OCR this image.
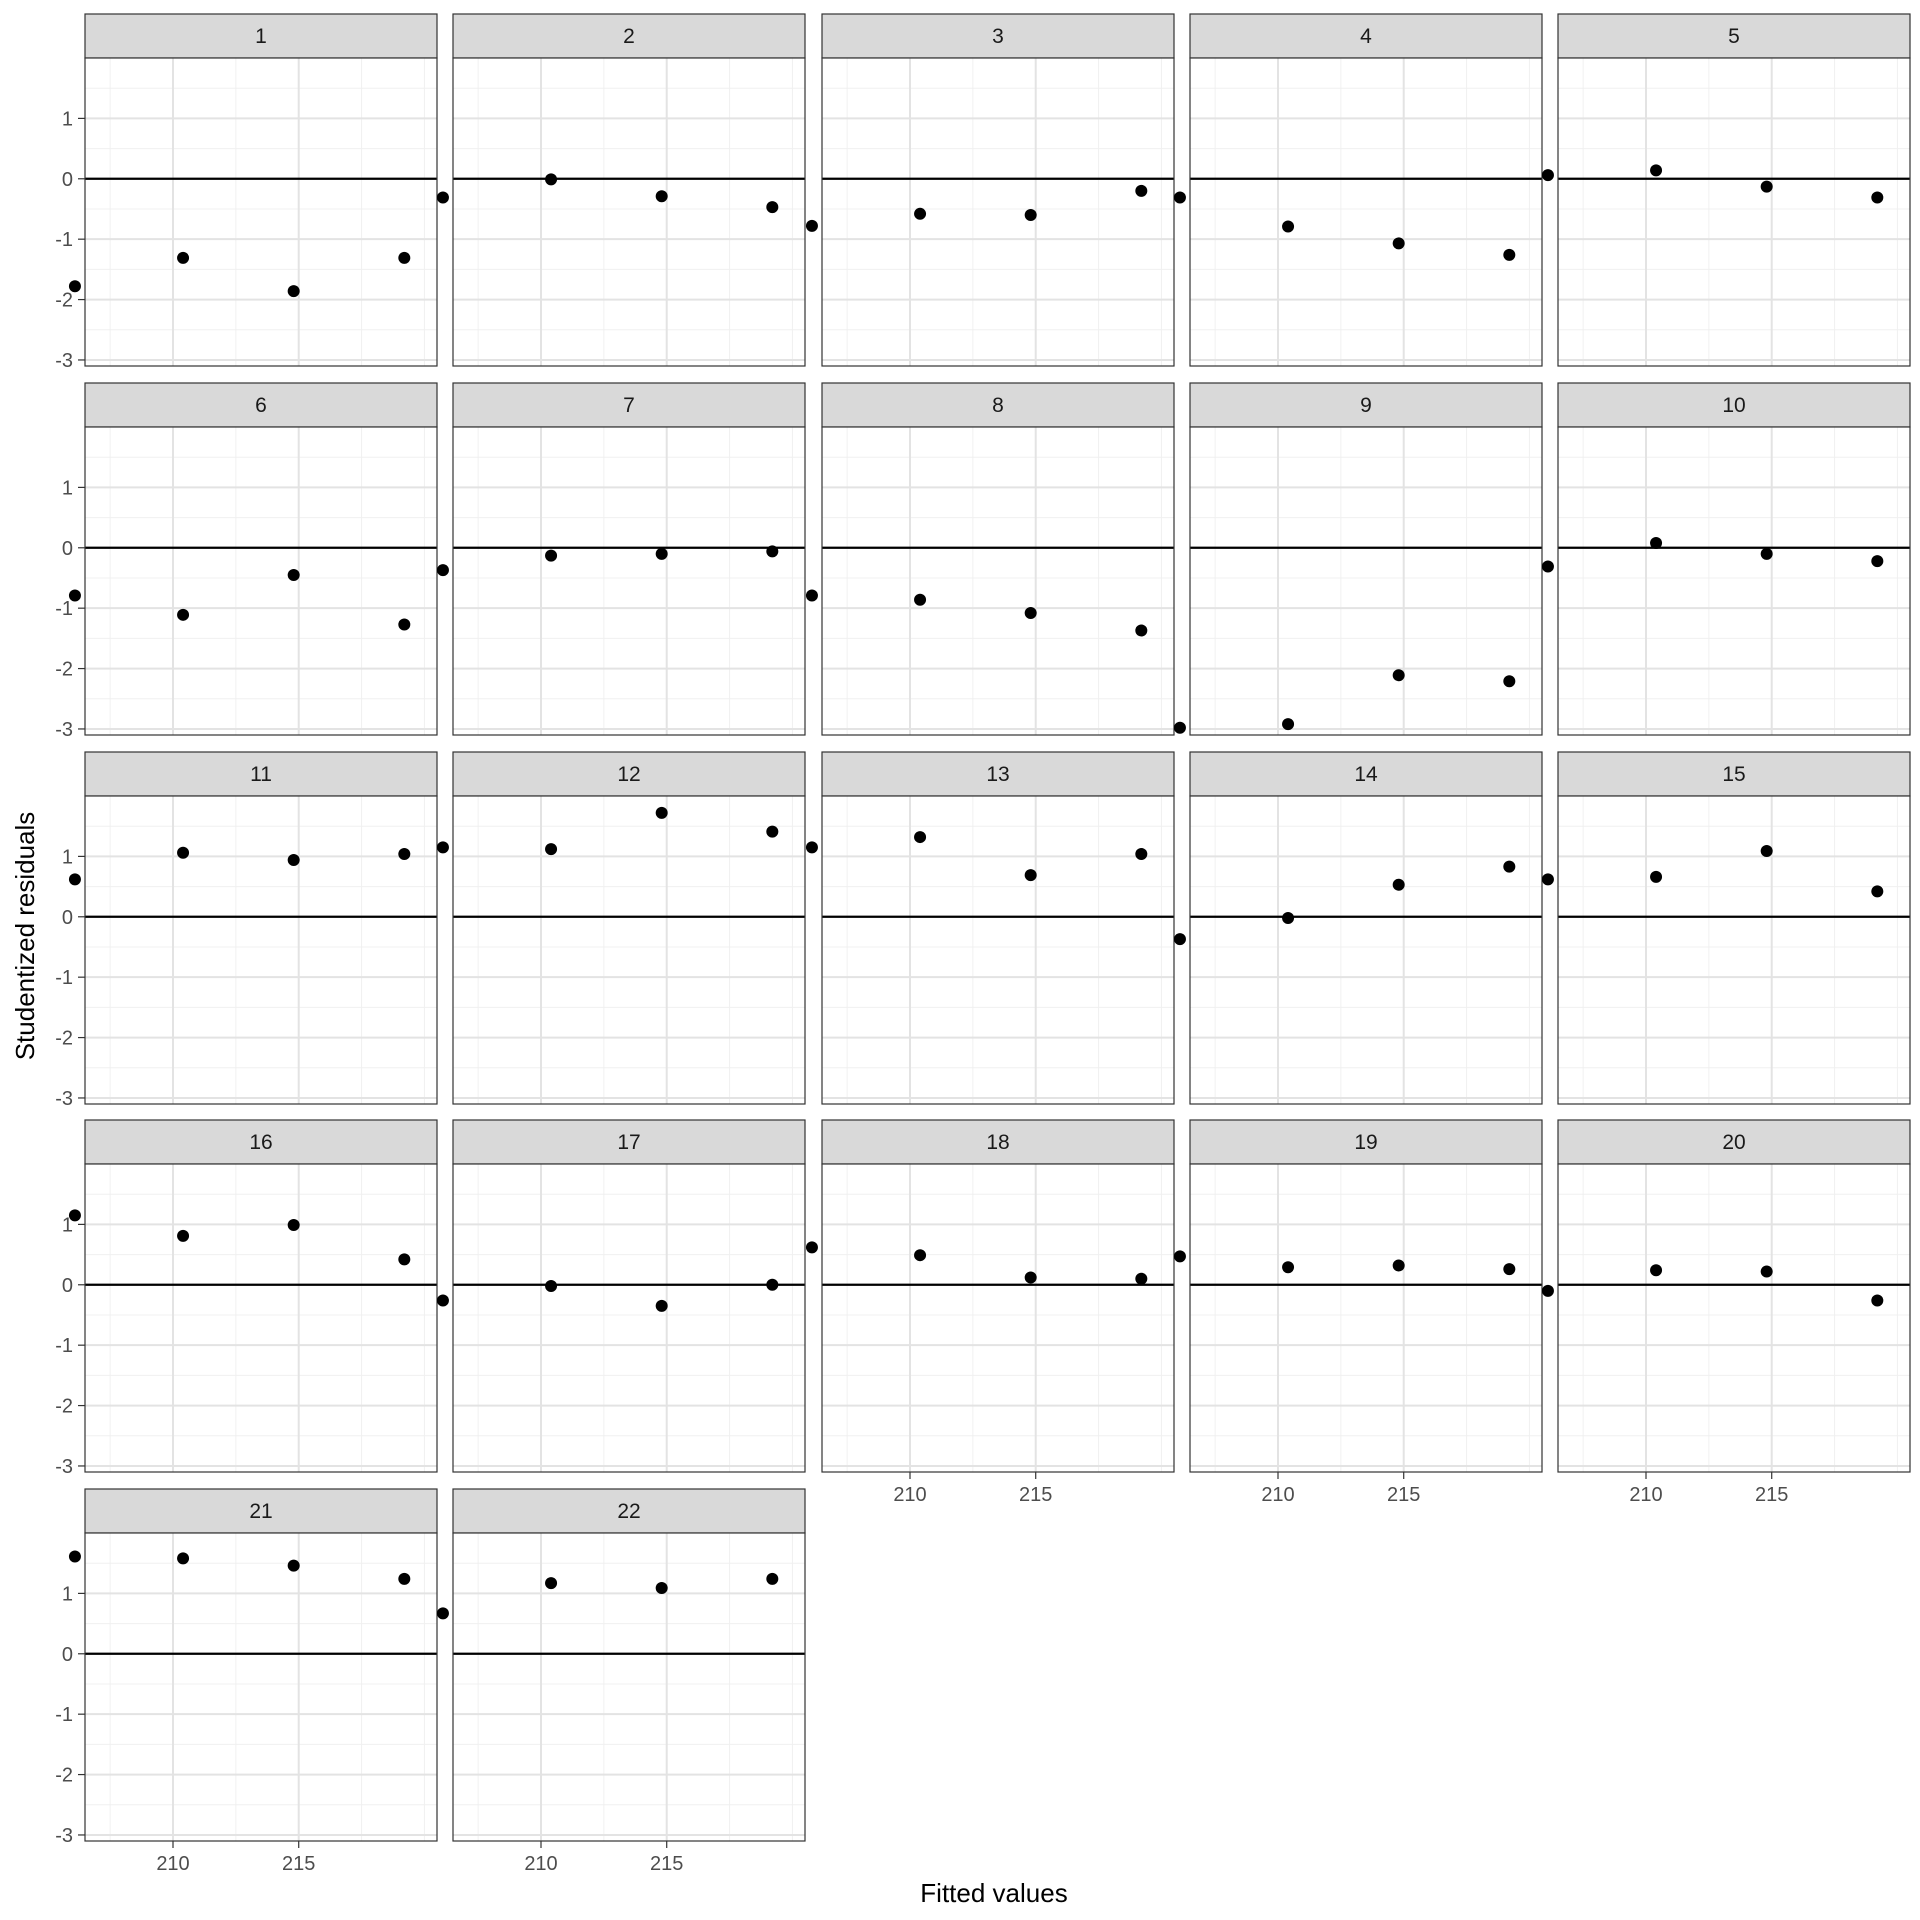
Fitted values
Studentized residuals
1
-3
-2
-1
0
1
2	3	4	5
6
-3
-2
-1
0
1
7	8	9	10
11
-3
-2
-1
0
1
12	13	14	15
16
-3
-2
-1
0
1
17	18
210	215
19
210	215
20
210	215
21
-3
-2
-1
0
1
210	215
22
210	215
